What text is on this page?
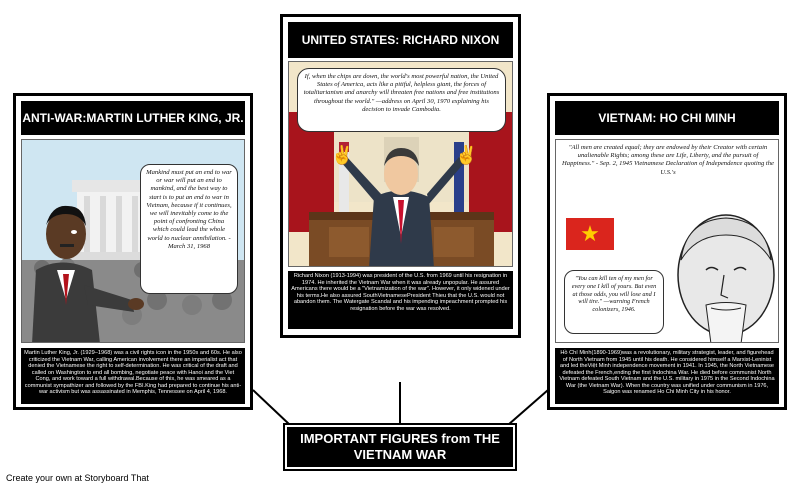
ANTI-WAR:MARTIN LUTHER KING, JR.
Mankind must put an end to war or war will put an end to mankind, and the best way to start is to put an end to war in Vietnam, because if it continues, we will inevitably come to the point of confronting China which could lead the whole world to nuclear annihilation. - March 31, 1968
Martin Luther King, Jr. (1929–1968) was a civil rights icon in the 1950s and 60s. He also criticized the Vietnam War, calling American involvement there an imperialist act that denied the Vietnamese the right to self-determination. He was critical of the draft and called on Washington to end all bombing, negotiate peace with Hanoi and the Viet Cong, and work toward a full withdrawal.Because of this, he was smeared as a communist sympathizer and followed by the FBI.King had prepared to continue his anti-war activism but was assassinated in Memphis, Tennessee on April 4, 1968.
UNITED STATES: RICHARD NIXON
✌	✌
If, when the chips are down, the world's most powerful nation, the United States of America, acts like a pitiful, helpless giant, the forces of totalitarianism and anarchy will threaten free nations and free institutions throughout the world." —address on April 30, 1970 explaining his decision to invade Cambodia.
Richard Nixon (1913-1994) was president of the U.S. from 1969 until his resignation in 1974. He inherited the Vietnam War when it was already unpopular. He assured Americans there would be a "Vietnamization of the war". However, it only widened under his terms.He also assured SouthVietnamesePresident Thieu that the U.S. would not abandon them. The Watergate Scandal and his impending impeachment prompted his resignation before the war was resolved.
VIETNAM: HO CHI MINH
"All men are created equal; they are endowed by their Creator with certain unalienable Rights; among these are Life, Liberty, and the pursuit of Happiness." - Sep. 2, 1945 Vietnamese Declaration of Independence quoting the U.S.'s
★
"You can kill ten of my men for every one I kill of yours. But even at those odds, you will lose and I will tire." —warning French colonizers, 1946.
Hồ Chí Minh(1890-1969)was a revolutionary, military strategist, leader, and figurehead of North Vietnam from 1945 until his death. He considered himself a Marxist-Leninist and led theViệt Minh independence movement in 1941. In 1945, the North Vietnamese defeated the French,ending the first Indochina War. He died before communist North Vietnam defeated South Vietnam and the U.S. military in 1975 in the Second Indochina War (the Vietnam War). When the country was unified under communism in 1976, Saigon was renamed Ho Chi Minh City in his honor.
IMPORTANT FIGURES from THE VIETNAM WAR
Create your own at Storyboard That
